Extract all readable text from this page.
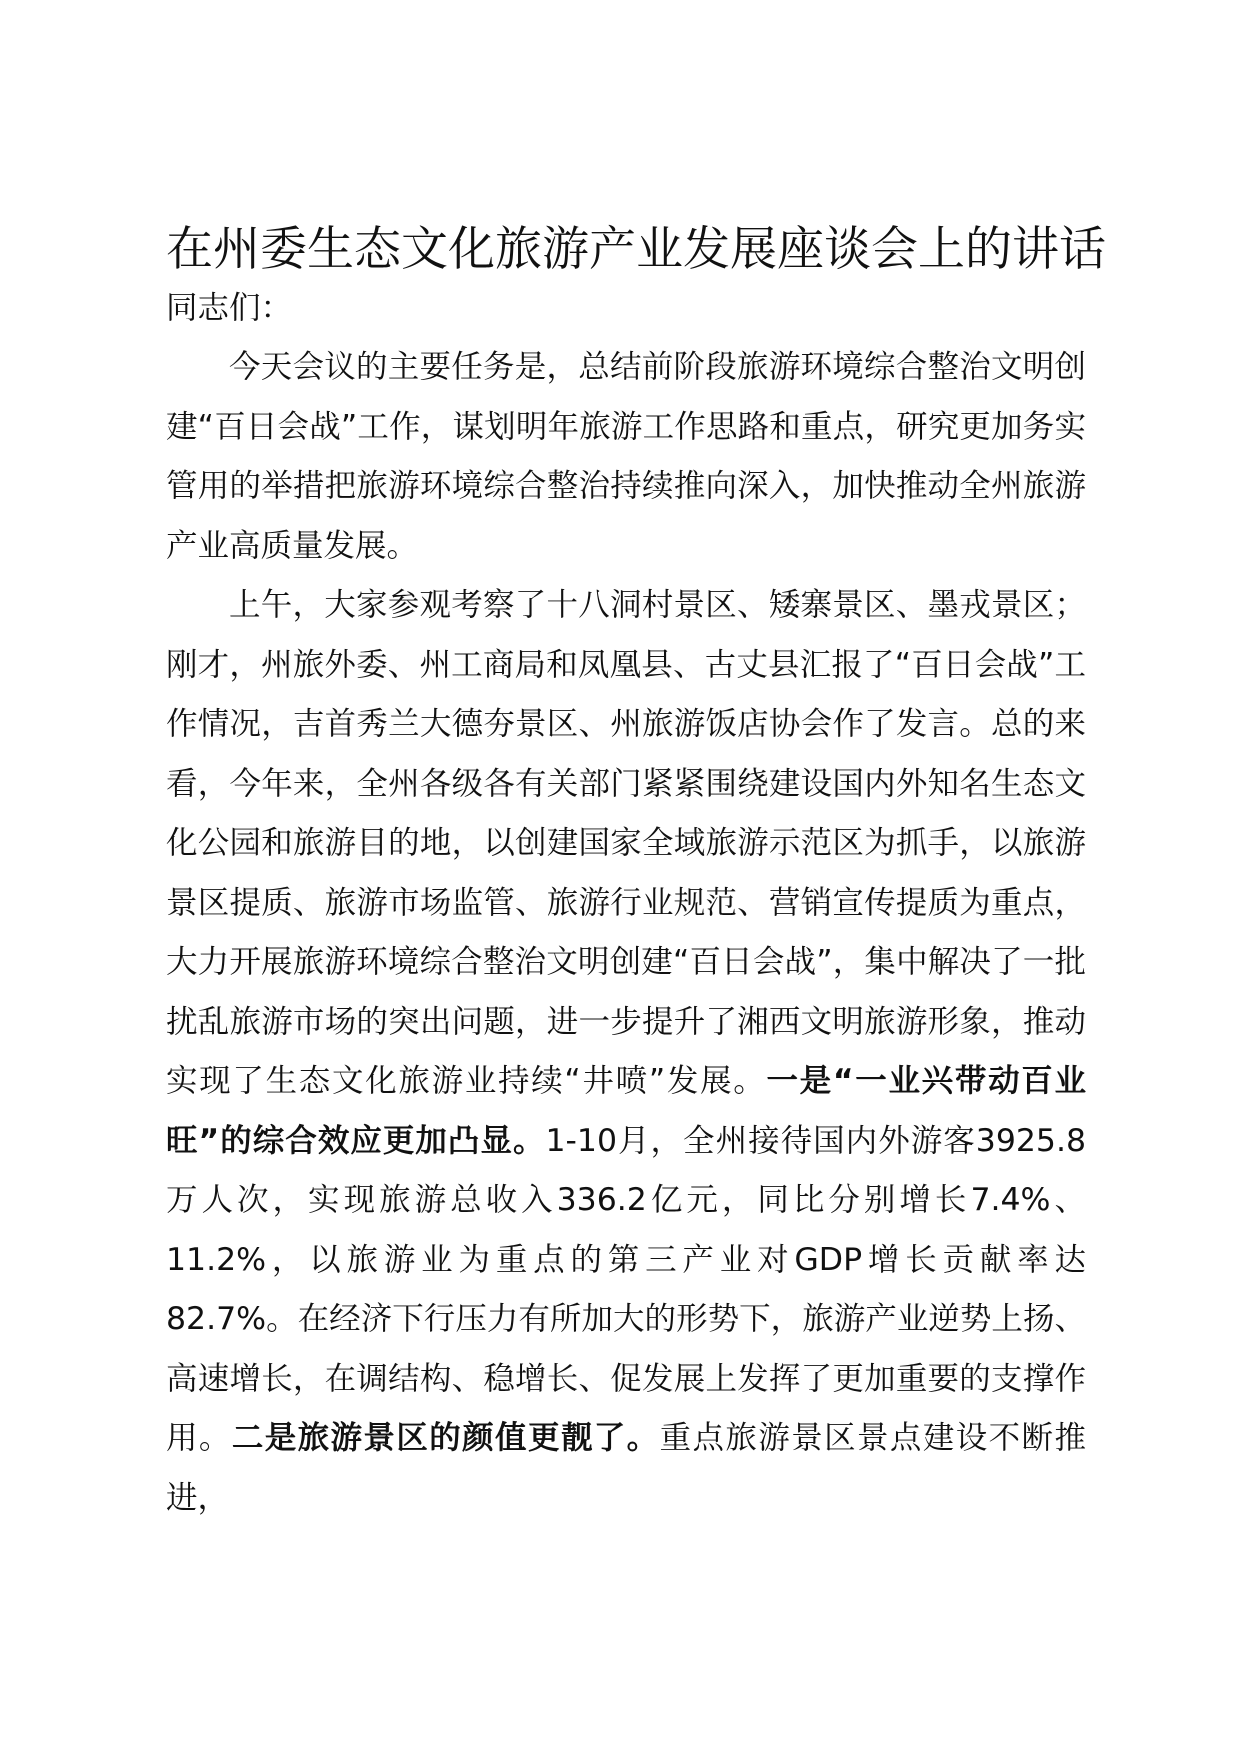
在州委生态文化旅游产业发展座谈会上的讲话

同志们：

今天会议的主要任务是，总结前阶段旅游环境综合整治文明创建“百日会战”工作，谋划明年旅游工作思路和重点，研究更加务实管用的举措把旅游环境综合整治持续推向深入，加快推动全州旅游产业高质量发展。

上午，大家参观考察了十八洞村景区、矮寨景区、墨戎景区；刚才，州旅外委、州工商局和凤凰县、古丈县汇报了“百日会战”工作情况，吉首秀兰大德夯景区、州旅游饭店协会作了发言。总的来看，今年来，全州各级各有关部门紧紧围绕建设国内外知名生态文化公园和旅游目的地，以创建国家全域旅游示范区为抓手，以旅游景区提质、旅游市场监管、旅游行业规范、营销宣传提质为重点，大力开展旅游环境综合整治文明创建“百日会战”，集中解决了一批扰乱旅游市场的突出问题，进一步提升了湘西文明旅游形象，推动实现了生态文化旅游业持续“井喷”发展。一是“一业兴带动百业旺”的综合效应更加凸显。1-10月，全州接待国内外游客3925.8万人次，实现旅游总收入336.2亿元，同比分别增长7.4%、11.2%，以旅游业为重点的第三产业对GDP增长贡献率达82.7%。在经济下行压力有所加大的形势下，旅游产业逆势上扬、高速增长，在调结构、稳增长、促发展上发挥了更加重要的支撑作用。二是旅游景区的颜值更靓了。重点旅游景区景点建设不断推进，
